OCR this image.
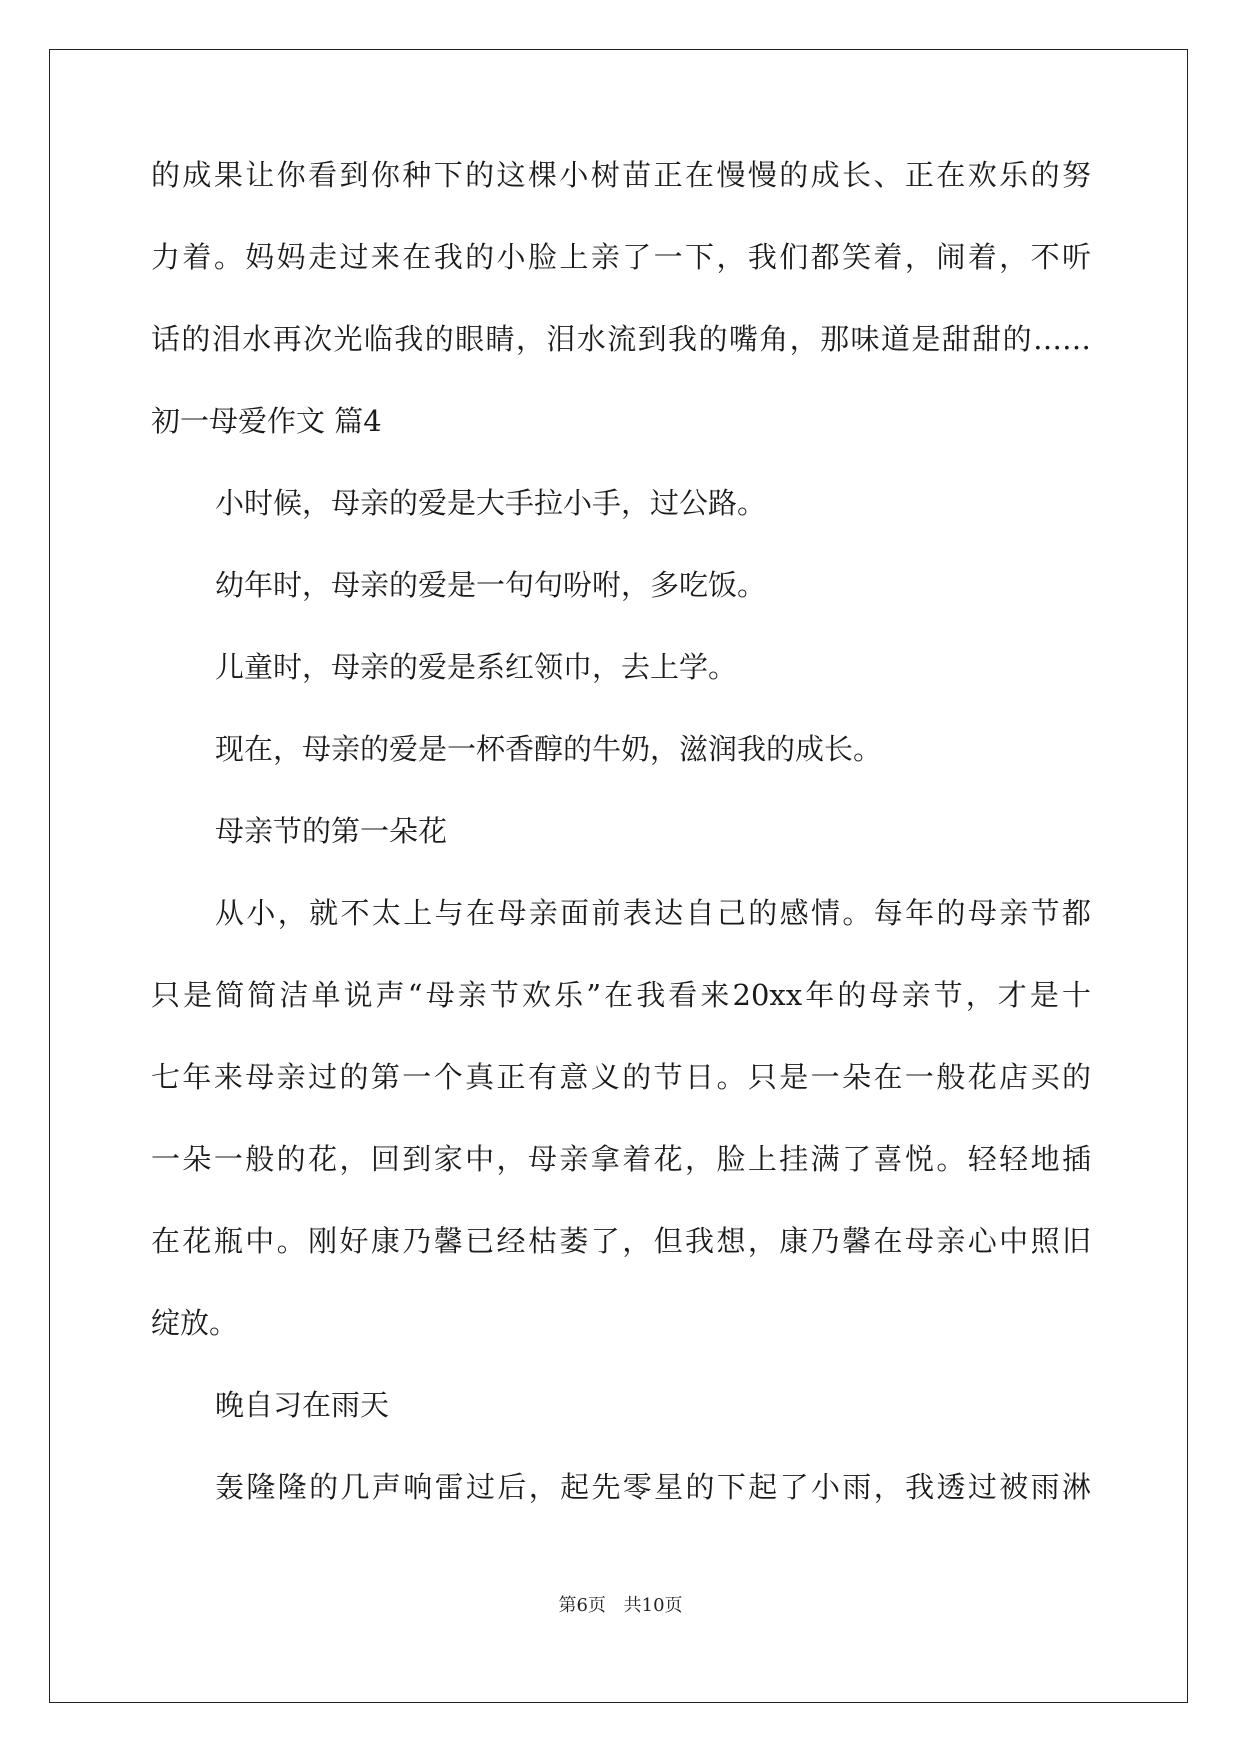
的成果让你看到你种下的这棵小树苗正在慢慢的成长、正在欢乐的努
力着。妈妈走过来在我的小脸上亲了一下，我们都笑着，闹着，不听
话的泪水再次光临我的眼睛，泪水流到我的嘴角，那味道是甜甜的……
初一母爱作文 篇4
小时候，母亲的爱是大手拉小手，过公路。
幼年时，母亲的爱是一句句吩咐，多吃饭。
儿童时，母亲的爱是系红领巾，去上学。
现在，母亲的爱是一杯香醇的牛奶，滋润我的成长。
母亲节的第一朵花
从小，就不太上与在母亲面前表达自己的感情。每年的母亲节都
只是简简洁单说声“母亲节欢乐”在我看来20xx年的母亲节，才是十
七年来母亲过的第一个真正有意义的节日。只是一朵在一般花店买的
一朵一般的花，回到家中，母亲拿着花，脸上挂满了喜悦。轻轻地插
在花瓶中。刚好康乃馨已经枯萎了，但我想，康乃馨在母亲心中照旧
绽放。
晚自习在雨天
轰隆隆的几声响雷过后，起先零星的下起了小雨，我透过被雨淋
第6页 共10页
